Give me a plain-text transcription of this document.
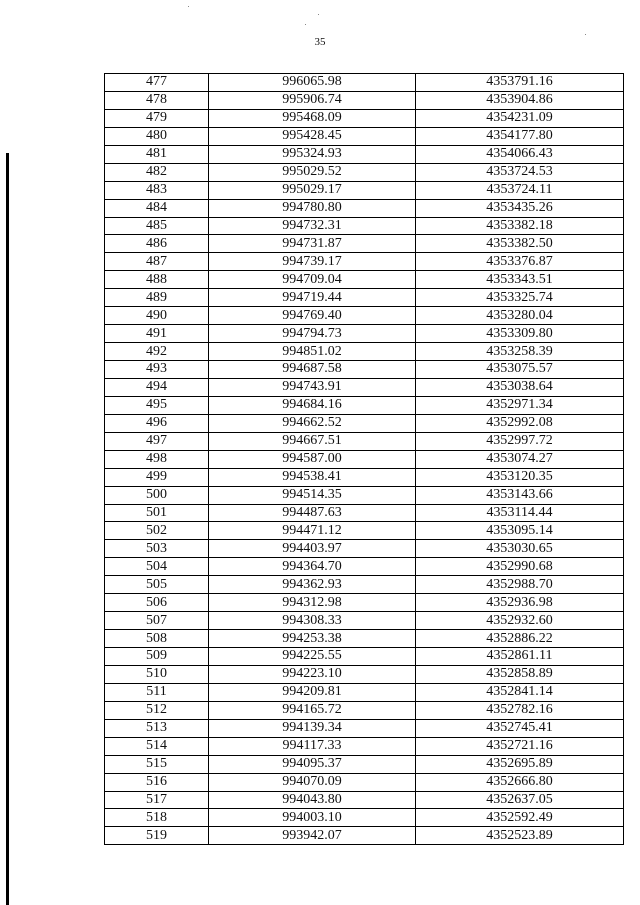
35
477	996065.98	4353791.16
478	995906.74	4353904.86
479	995468.09	4354231.09
480	995428.45	4354177.80
481	995324.93	4354066.43
482	995029.52	4353724.53
483	995029.17	4353724.11
484	994780.80	4353435.26
485	994732.31	4353382.18
486	994731.87	4353382.50
487	994739.17	4353376.87
488	994709.04	4353343.51
489	994719.44	4353325.74
490	994769.40	4353280.04
491	994794.73	4353309.80
492	994851.02	4353258.39
493	994687.58	4353075.57
494	994743.91	4353038.64
495	994684.16	4352971.34
496	994662.52	4352992.08
497	994667.51	4352997.72
498	994587.00	4353074.27
499	994538.41	4353120.35
500	994514.35	4353143.66
501	994487.63	4353114.44
502	994471.12	4353095.14
503	994403.97	4353030.65
504	994364.70	4352990.68
505	994362.93	4352988.70
506	994312.98	4352936.98
507	994308.33	4352932.60
508	994253.38	4352886.22
509	994225.55	4352861.11
510	994223.10	4352858.89
511	994209.81	4352841.14
512	994165.72	4352782.16
513	994139.34	4352745.41
514	994117.33	4352721.16
515	994095.37	4352695.89
516	994070.09	4352666.80
517	994043.80	4352637.05
518	994003.10	4352592.49
519	993942.07	4352523.89
